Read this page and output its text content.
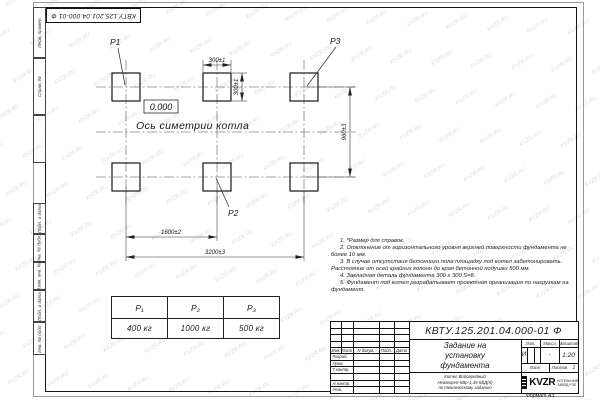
Перв. примен.
Справ. №
Подп. и дата
Инв. № дубл.
Взам. инв. №
Подп. и дата
Инв. № подл.
КВТУ.125.201.04.000-01 Ф
P1	P3
P2
0.000
Ось симетрии котла
300±1
300±1
960±3
1600±2
3200±3
Р₁	Р₂	Р₃
400 кг	1000 кг	500 кг

1. *Размер для справок.

2. Отклонение от горизонтального уровня верхней поверхности фундамента не более 10 мм.

3. В случае отсутствия бетонного пола площадку под котел забетонировать. Расстояние от осей крайних колонн до края бетонной подушки 500 мм.

4. Закладная деталь фундамента 300 x 300 S=8.

5. Фундамент под котел разрабатывает проектная организация по нагрузкам на фундамент.

Изм. Лист	N докум.	Подп. Дата
Разраб.
Пров.
Т.контр.
Н.контр.
Утв.
КВТУ.125.201.04.000-01 Ф
Задание на
установку
фундамента
Котел Водогрейный
Heatexpert-КВр-1,45-КБД(К)
по техническому заданию
Лит.	Масса Масштаб
И	-	1:20
Лист	Листов 1
KVZR КОТЕЛЬНЫЙ
ЗАВОД РЭП
Формат А3
